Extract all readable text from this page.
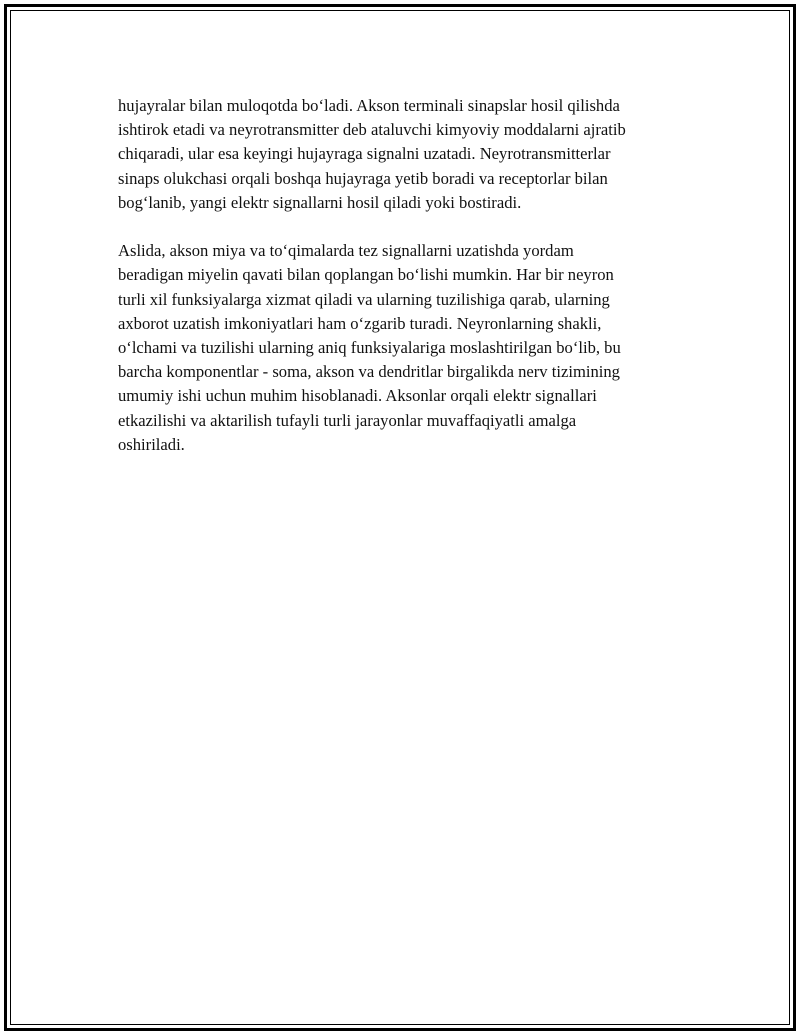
hujayralar bilan muloqotda bo‘ladi. Akson terminali sinapslar hosil qilishda

ishtirok etadi va neyrotransmitter deb ataluvchi kimyoviy moddalarni ajratib

chiqaradi, ular esa keyingi hujayraga signalni uzatadi. Neyrotransmitterlar

sinaps olukchasi orqali boshqa hujayraga yetib boradi va receptorlar bilan

bog‘lanib, yangi elektr signallarni hosil qiladi yoki bostiradi.

Aslida, akson miya va to‘qimalarda tez signallarni uzatishda yordam

beradigan miyelin qavati bilan qoplangan bo‘lishi mumkin. Har bir neyron

turli xil funksiyalarga xizmat qiladi va ularning tuzilishiga qarab, ularning

axborot uzatish imkoniyatlari ham o‘zgarib turadi. Neyronlarning shakli,

o‘lchami va tuzilishi ularning aniq funksiyalariga moslashtirilgan bo‘lib, bu

barcha komponentlar - soma, akson va dendritlar birgalikda nerv tizimining

umumiy ishi uchun muhim hisoblanadi. Aksonlar orqali elektr signallari

etkazilishi va aktarilish tufayli turli jarayonlar muvaffaqiyatli amalga

oshiriladi.
